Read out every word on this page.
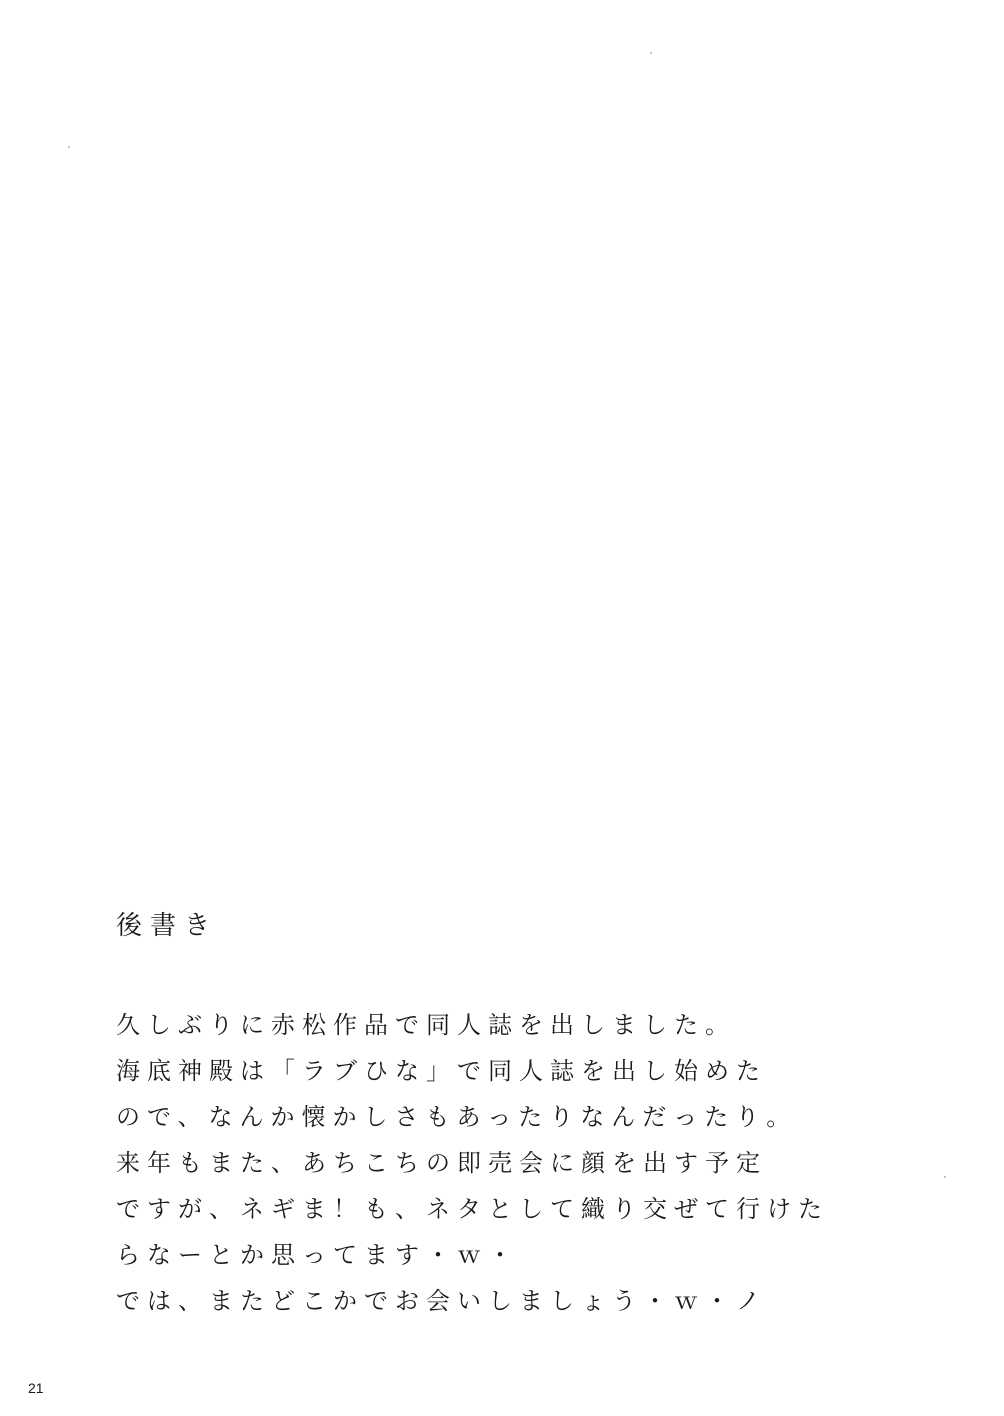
後書き
久しぶりに赤松作品で同人誌を出しました。
海底神殿は「ラブひな」で同人誌を出し始めた
ので、なんか懐かしさもあったりなんだったり。
来年もまた、あちこちの即売会に顔を出す予定
ですが、ネギま！も、ネタとして織り交ぜて行けた
らなーとか思ってます・ｗ・
では、またどこかでお会いしましょう・ｗ・ノ
21
